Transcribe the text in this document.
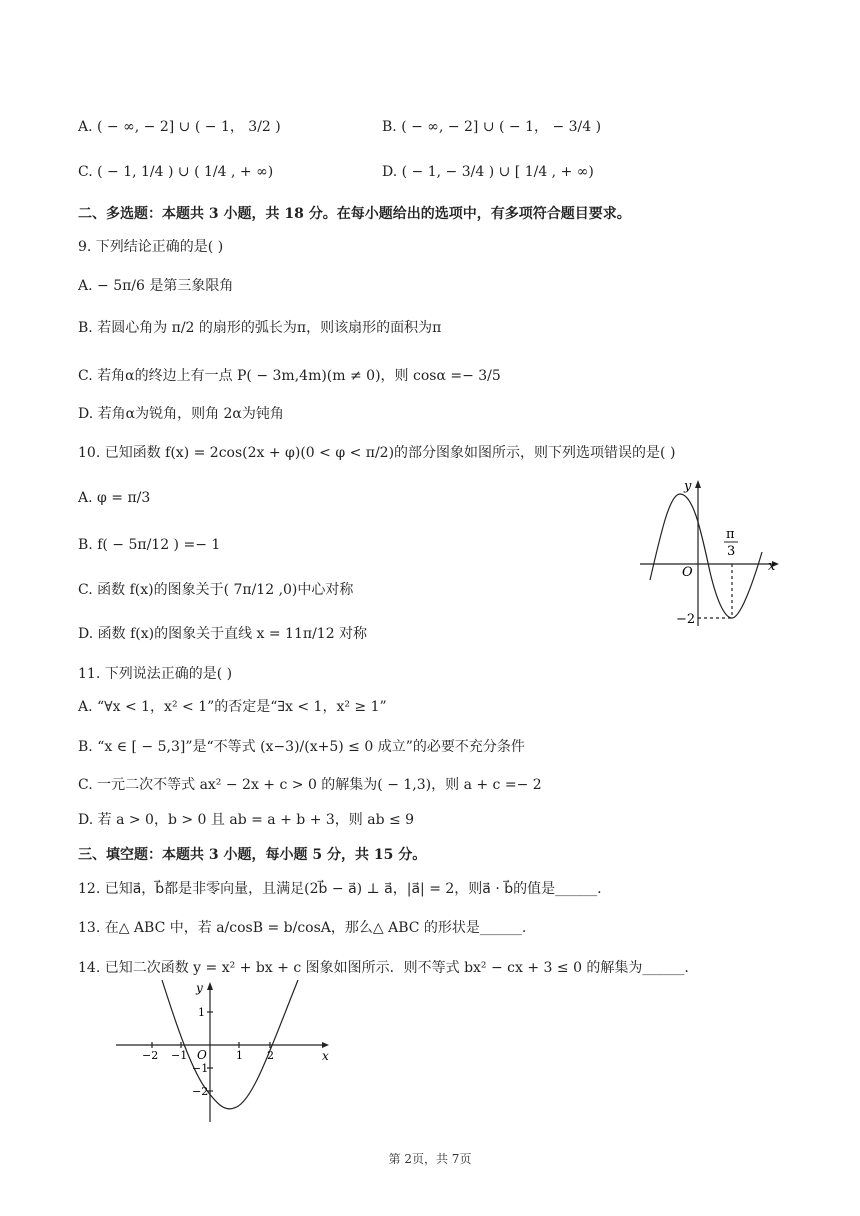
A. ( − ∞, − 2] ∪ ( − 1， 3/2 )	B. ( − ∞, − 2] ∪ ( − 1， − 3/4 )
C. ( − 1, 1/4 ) ∪ ( 1/4 , + ∞)	D. ( − 1, − 3/4 ) ∪ [ 1/4 , + ∞)
二、多选题：本题共 3 小题，共 18 分。在每小题给出的选项中，有多项符合题目要求。
9. 下列结论正确的是( )
A. − 5π/6 是第三象限角
B. 若圆心角为 π/2 的扇形的弧长为π，则该扇形的面积为π
C. 若角α的终边上有一点 P( − 3m,4m)(m ≠ 0)，则 cosα =− 3/5
D. 若角α为锐角，则角 2α为钝角
10. 已知函数 f(x) = 2cos(2x + φ)(0 < φ < π/2)的部分图象如图所示，则下列选项错误的是( )
A. φ = π/3
B. f( − 5π/12 ) =− 1
C. 函数 f(x)的图象关于( 7π/12 ,0)中心对称
D. 函数 f(x)的图象关于直线 x = 11π/12 对称
y
x
O
π
3
−2
11. 下列说法正确的是( )
A. “∀x < 1，x² < 1”的否定是“∃x < 1，x² ≥ 1”
B. “x ∈ [ − 5,3]”是“不等式 (x−3)/(x+5) ≤ 0 成立”的必要不充分条件
C. 一元二次不等式 ax² − 2x + c > 0 的解集为( − 1,3)，则 a + c =− 2
D. 若 a > 0，b > 0 且 ab = a + b + 3，则 ab ≤ 9
三、填空题：本题共 3 小题，每小题 5 分，共 15 分。
12. 已知a⃗，b⃗都是非零向量，且满足(2b⃗ − a⃗) ⊥ a⃗，|a⃗| = 2，则a⃗ · b⃗的值是______.
13. 在△ ABC 中，若 a/cosB = b/cosA，那么△ ABC 的形状是______.
14. 已知二次函数 y = x² + bx + c 图象如图所示．则不等式 bx² − cx + 3 ≤ 0 的解集为______.
y
x
O
−2 −1	1 2
1
−1
−2
第 2页，共 7页
